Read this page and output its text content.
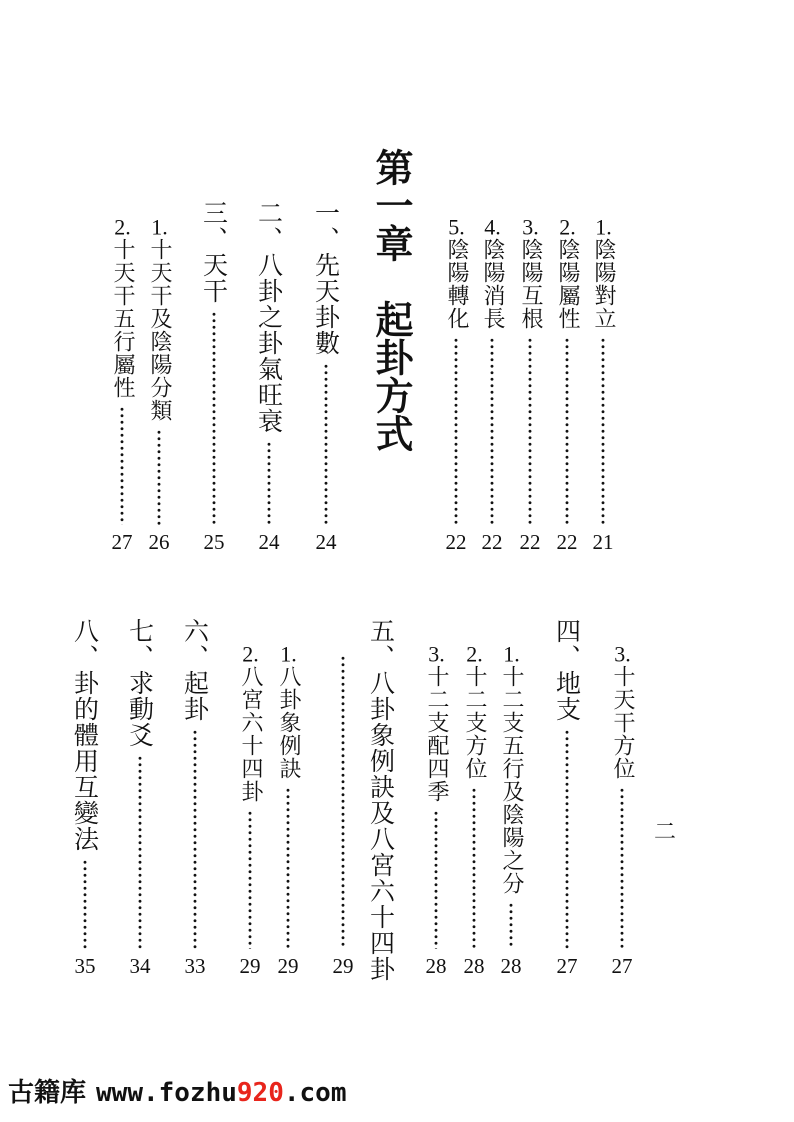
1.陰陽對立
21
2.陰陽屬性
22
3.陰陽互根
22
4.陰陽消長
22
5.陰陽轉化
22
第一章起卦方式
一、先天卦數
24
二、八卦之卦氣旺衰
24
三、天干
25
1.十天干及陰陽分類
26
2.十天干五行屬性
27
3.十天干方位
27
四、地支
27
1.十二支五行及陰陽之分
28
2.十二支方位
28
3.十二支配四季
28
五、八卦象例訣及八宮六十四卦
29
1.八卦象例訣
29
2.八宮六十四卦
29
六、起卦
33
七、求動爻
34
八、卦的體用互變法
35
二
古籍库 www.fozhu920.com
